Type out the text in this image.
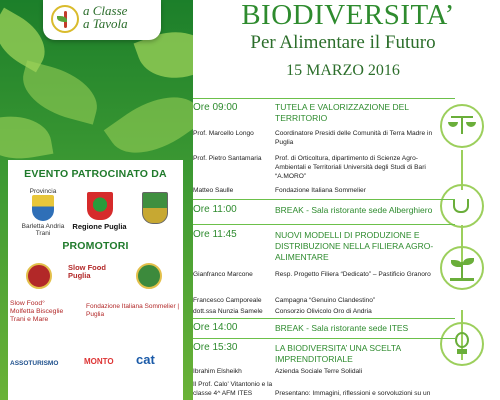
a Classe
a Tavola
EVENTO PATROCINATO DA
Provincia
Barletta Andria Trani
Regione Puglia
PROMOTORI
Slow Food Puglia
Slow Food°
Molfetta Bisceglie
Trani e Mare
Fondazione Italiana Sommelier | Puglia
ASSOTURISMO	MONTO	cat
BIODIVERSITA’
Per Alimentare il Futuro
15 MARZO 2016
Ore 09:00	TUTELA E VALORIZZAZIONE DEL TERRITORIO
Prof. Marcello Longo	Coordinatore Presidi delle Comunità di Terra Madre in Puglia
Prof. Pietro Santamaria	Prof. di Orticoltura, dipartimento di Scienze Agro-Ambientali e Territoriali Università degli Studi di Bari “A.MORO”
Matteo Saulle	Fondazione Italiana Sommelier
Ore 11:00	BREAK - Sala ristorante sede Alberghiero
Ore 11:45	NUOVI MODELLI DI PRODUZIONE E DISTRIBUZIONE NELLA FILIERA AGRO-ALIMENTARE
Gianfranco Marcone	Resp. Progetto Filiera “Dedicato” – Pastificio Granoro
Francesco Camporeale	Campagna “Genuino Clandestino”
dott.ssa Nunzia Samele	Consorzio Olivicolo Oro di Andria
Ore 14:00	BREAK - Sala ristorante sede ITES
Ore 15:30	LA BIODIVERSITA’ UNA SCELTA IMPRENDITORIALE
Ibrahim Elsheikh	Azienda Sociale Terre Solidali
Il Prof. Calo' Vitantonio e la classe 4^ AFM ITES	Presentano: Immagini, riflessioni e sorvoluzioni su un
